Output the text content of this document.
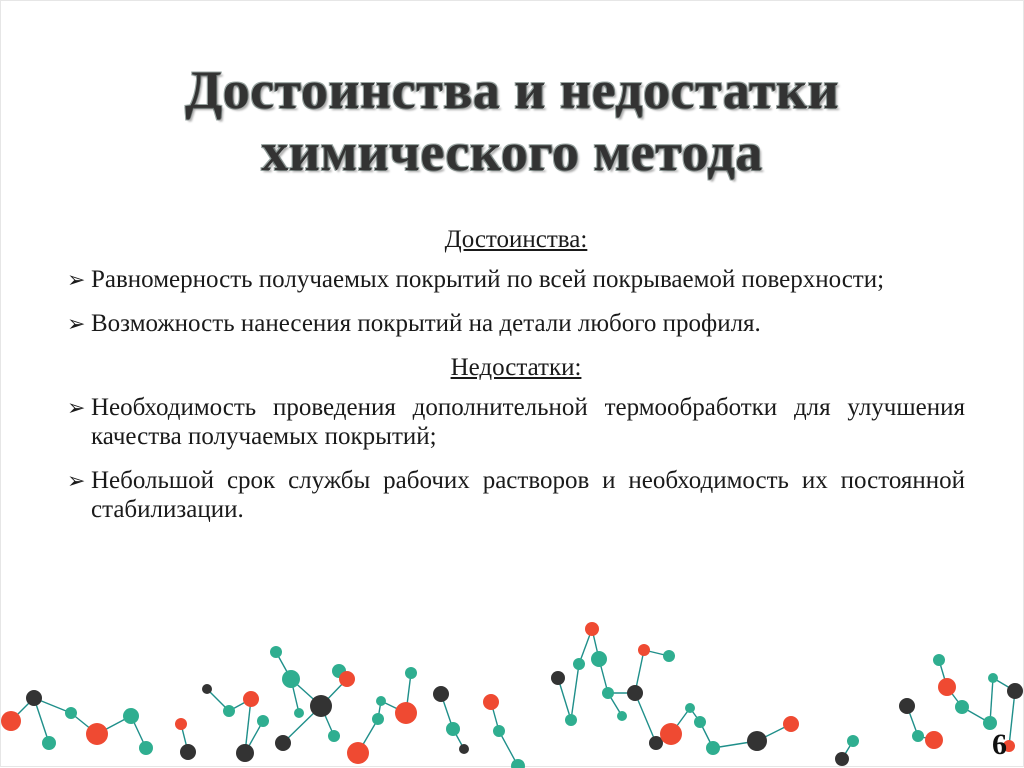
Достоинства и недостатки
химического метода
Достоинства:
➢ Равномерность получаемых покрытий по всей покрываемой поверхности;
➢ Возможность нанесения покрытий на детали любого профиля.
Недостатки:
➢ Необходимость проведения дополнительной термообработки для улучшения качества получаемых покрытий;
➢ Небольшой срок службы рабочих растворов и необходимость их постоянной стабилизации.
6
